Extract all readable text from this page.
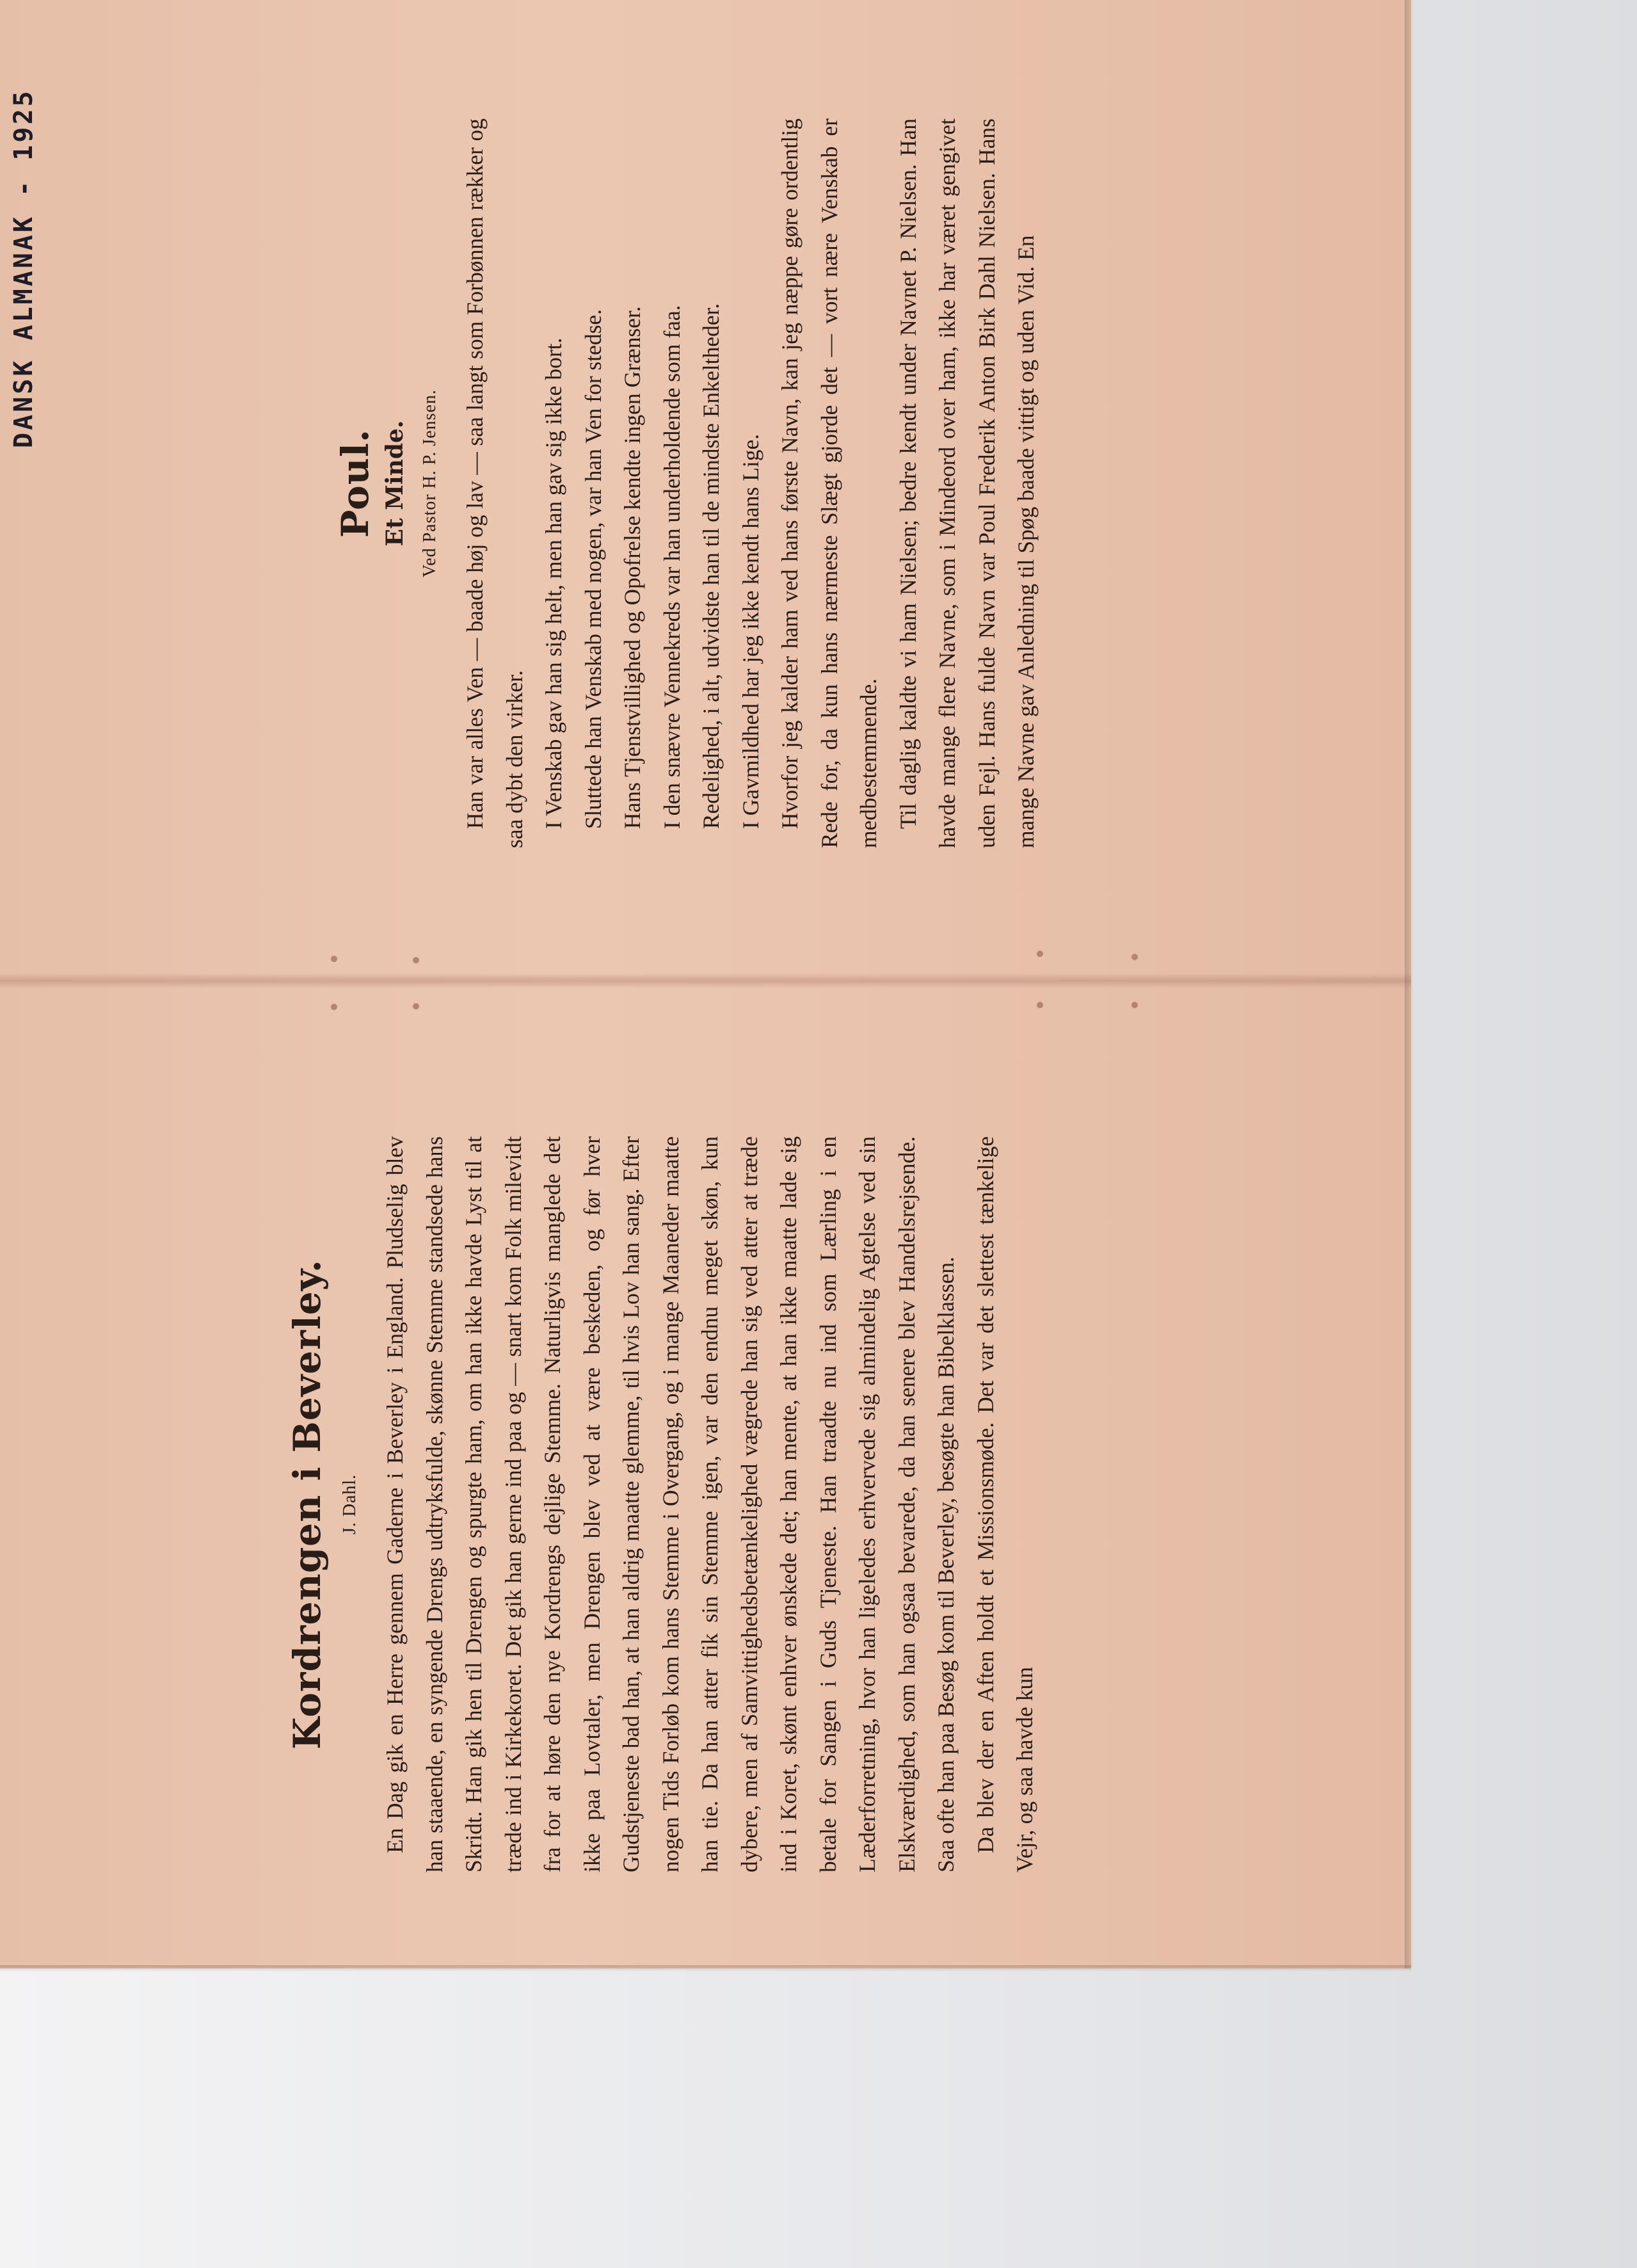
DANSK ALMANAK - 1925
Poul. Et Minde. Ved Pastor H. P. Jensen. Han var alles Ven — baade høj og lav — saa langt som Forbønnen rækker og saa dybt den virker. I Venskab gav han sig helt, men han gav sig ikke bort. Sluttede han Venskab med nogen, var han Ven for stedse. Hans Tjenstvillighed og Opofrelse kendte ingen Grænser. I den snævre Vennekreds var han underholdende som faa. Redelighed, i alt, udvidste han til de mindste Enkeltheder. I Gavmildhed har jeg ikke kendt hans Lige. Hvorfor jeg kalder ham ved hans første Navn, kan jeg næppe gøre ordentlig Rede for, da kun hans nærmeste Slægt gjorde det — vort nære Venskab er medbestemmende. Til daglig kaldte vi ham Nielsen; bedre kendt under Navnet P. Nielsen. Han havde mange flere Navne, som i Mindeord over ham, ikke har været gengivet uden Fejl. Hans fulde Navn var Poul Frederik Anton Birk Dahl Nielsen. Hans mange Navne gav Anledning til Spøg baade vittigt og uden Vid. En

Kordrengen i Beverley. J. Dahl. En Dag gik en Herre gennem Gaderne i Beverley i England. Pludselig blev han staaende, en syngende Drengs udtryksfulde, skønne Stemme standsede hans Skridt. Han gik hen til Drengen og spurgte ham, om han ikke havde Lyst til at træde ind i Kirkekoret. Det gik han gerne ind paa og — snart kom Folk milevidt fra for at høre den nye Kordrengs dejlige Stemme. Naturligvis manglede det ikke paa Lovtaler, men Drengen blev ved at være beskeden, og før hver Gudstjeneste bad han, at han aldrig maatte glemme, til hvis Lov han sang. Efter nogen Tids Forløb kom hans Stemme i Overgang, og i mange Maaneder maatte han tie. Da han atter fik sin Stemme igen, var den endnu meget skøn, kun dybere, men af Samvittighedsbetænkelighed vægrede han sig ved atter at træde ind i Koret, skønt enhver ønskede det; han mente, at han ikke maatte lade sig betale for Sangen i Guds Tjeneste. Han traadte nu ind som Lærling i en Læderforretning, hvor han ligeledes erhvervede sig almindelig Agtelse ved sin Elskværdighed, som han ogsaa bevarede, da han senere blev Handelsrejsende. Saa ofte han paa Besøg kom til Beverley, besøgte han Bibelklassen. Da blev der en Aften holdt et Missionsmøde. Det var det slettest tænkelige Vejr, og saa havde kun
